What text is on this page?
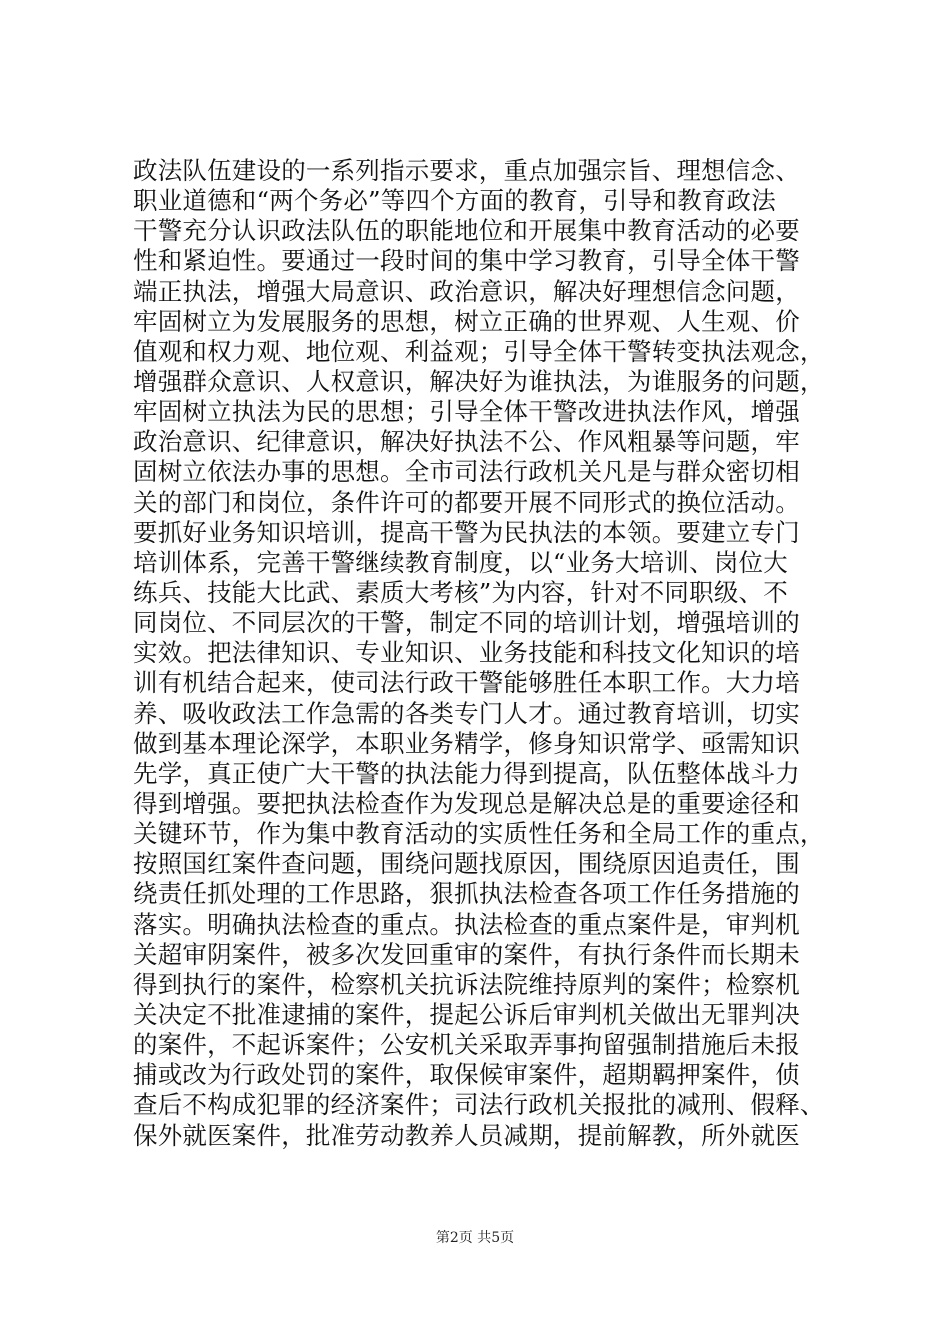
政法队伍建设的一系列指示要求，重点加强宗旨、理想信念、
职业道德和“两个务必”等四个方面的教育，引导和教育政法
干警充分认识政法队伍的职能地位和开展集中教育活动的必要
性和紧迫性。要通过一段时间的集中学习教育，引导全体干警
端正执法，增强大局意识、政治意识，解决好理想信念问题，
牢固树立为发展服务的思想，树立正确的世界观、人生观、价
值观和权力观、地位观、利益观；引导全体干警转变执法观念，
增强群众意识、人权意识，解决好为谁执法，为谁服务的问题，
牢固树立执法为民的思想；引导全体干警改进执法作风，增强
政治意识、纪律意识，解决好执法不公、作风粗暴等问题，牢
固树立依法办事的思想。全市司法行政机关凡是与群众密切相
关的部门和岗位，条件许可的都要开展不同形式的换位活动。
要抓好业务知识培训，提高干警为民执法的本领。要建立专门
培训体系，完善干警继续教育制度，以“业务大培训、岗位大
练兵、技能大比武、素质大考核”为内容，针对不同职级、不
同岗位、不同层次的干警，制定不同的培训计划，增强培训的
实效。把法律知识、专业知识、业务技能和科技文化知识的培
训有机结合起来，使司法行政干警能够胜任本职工作。大力培
养、吸收政法工作急需的各类专门人才。通过教育培训，切实
做到基本理论深学，本职业务精学，修身知识常学、亟需知识
先学，真正使广大干警的执法能力得到提高，队伍整体战斗力
得到增强。要把执法检查作为发现总是解决总是的重要途径和
关键环节，作为集中教育活动的实质性任务和全局工作的重点，
按照国红案件查问题，围绕问题找原因，围绕原因追责任，围
绕责任抓处理的工作思路，狠抓执法检查各项工作任务措施的
落实。明确执法检查的重点。执法检查的重点案件是，审判机
关超审阴案件，被多次发回重审的案件，有执行条件而长期未
得到执行的案件，检察机关抗诉法院维持原判的案件；检察机
关决定不批准逮捕的案件，提起公诉后审判机关做出无罪判决
的案件，不起诉案件；公安机关采取弄事拘留强制措施后未报
捕或改为行政处罚的案件，取保候审案件，超期羁押案件，侦
查后不构成犯罪的经济案件；司法行政机关报批的减刑、假释、
保外就医案件，批准劳动教养人员减期，提前解教，所外就医
第2页 共5页
